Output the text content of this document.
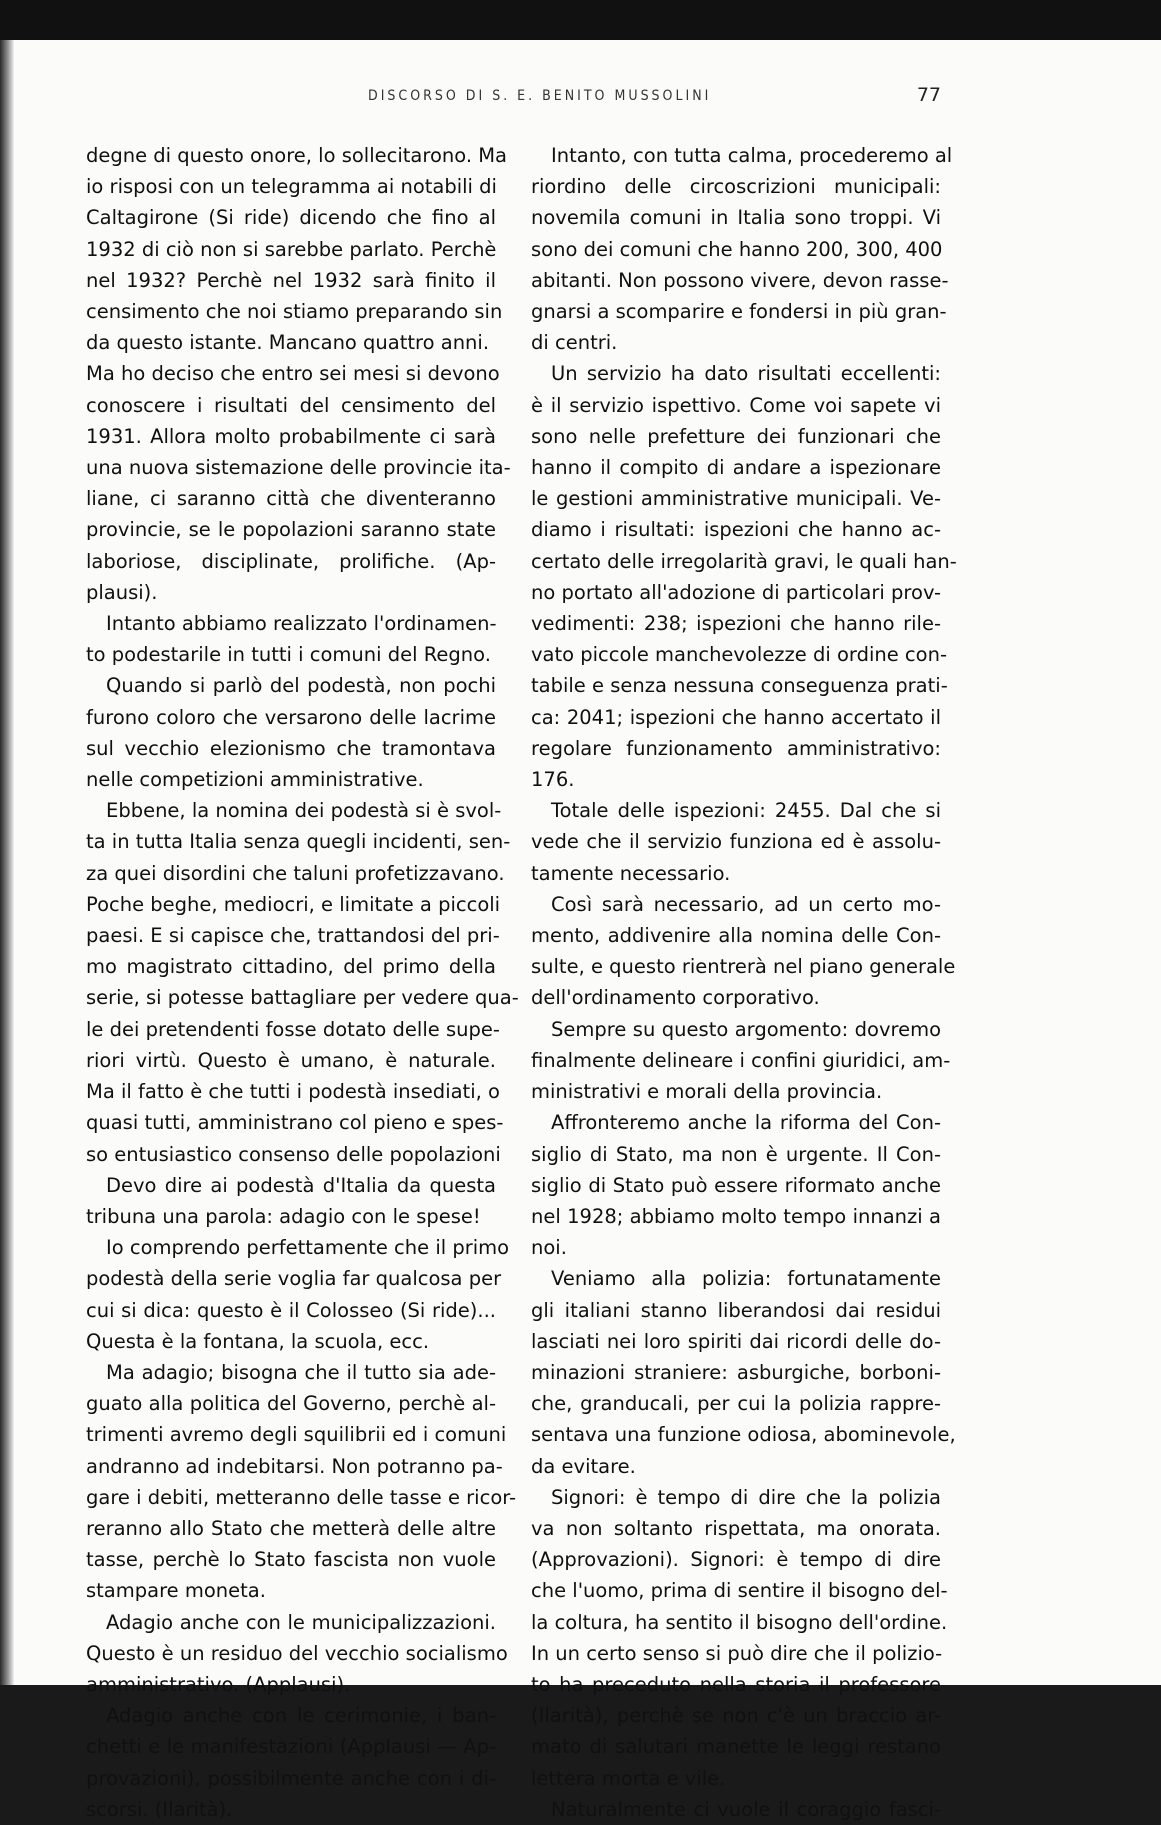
DISCORSO DI S. E. BENITO MUSSOLINI	77
degne di questo onore, lo sollecitarono. Ma
io risposi con un telegramma ai notabili di
Caltagirone (Si ride) dicendo che fino al
1932 di ciò non si sarebbe parlato. Perchè
nel 1932? Perchè nel 1932 sarà finito il
censimento che noi stiamo preparando sin
da questo istante. Mancano quattro anni.
Ma ho deciso che entro sei mesi si devono
conoscere i risultati del censimento del
1931. Allora molto probabilmente ci sarà
una nuova sistemazione delle provincie ita-
liane, ci saranno città che diventeranno
provincie, se le popolazioni saranno state
laboriose, disciplinate, prolifiche. (Ap-
plausi).
Intanto abbiamo realizzato l'ordinamen-
to podestarile in tutti i comuni del Regno.
Quando si parlò del podestà, non pochi
furono coloro che versarono delle lacrime
sul vecchio elezionismo che tramontava
nelle competizioni amministrative.
Ebbene, la nomina dei podestà si è svol-
ta in tutta Italia senza quegli incidenti, sen-
za quei disordini che taluni profetizzavano.
Poche beghe, mediocri, e limitate a piccoli
paesi. E si capisce che, trattandosi del pri-
mo magistrato cittadino, del primo della
serie, si potesse battagliare per vedere qua-
le dei pretendenti fosse dotato delle supe-
riori virtù. Questo è umano, è naturale.
Ma il fatto è che tutti i podestà insediati, o
quasi tutti, amministrano col pieno e spes-
so entusiastico consenso delle popolazioni
Devo dire ai podestà d'Italia da questa
tribuna una parola: adagio con le spese!
Io comprendo perfettamente che il primo
podestà della serie voglia far qualcosa per
cui si dica: questo è il Colosseo (Si ride)...
Questa è la fontana, la scuola, ecc.
Ma adagio; bisogna che il tutto sia ade-
guato alla politica del Governo, perchè al-
trimenti avremo degli squilibrii ed i comuni
andranno ad indebitarsi. Non potranno pa-
gare i debiti, metteranno delle tasse e ricor-
reranno allo Stato che metterà delle altre
tasse, perchè lo Stato fascista non vuole
stampare moneta.
Adagio anche con le municipalizzazioni.
Questo è un residuo del vecchio socialismo
amministrativo. (Applausi).
Adagio anche con le cerimonie, i ban-
chetti e le manifestazioni (Applausi — Ap-
provazioni), possibilmente anche con i di-
scorsi. (Ilarità).
Intanto, con tutta calma, procederemo al
riordino delle circoscrizioni municipali:
novemila comuni in Italia sono troppi. Vi
sono dei comuni che hanno 200, 300, 400
abitanti. Non possono vivere, devon rasse-
gnarsi a scomparire e fondersi in più gran-
di centri.
Un servizio ha dato risultati eccellenti:
è il servizio ispettivo. Come voi sapete vi
sono nelle prefetture dei funzionari che
hanno il compito di andare a ispezionare
le gestioni amministrative municipali. Ve-
diamo i risultati: ispezioni che hanno ac-
certato delle irregolarità gravi, le quali han-
no portato all'adozione di particolari prov-
vedimenti: 238; ispezioni che hanno rile-
vato piccole manchevolezze di ordine con-
tabile e senza nessuna conseguenza prati-
ca: 2041; ispezioni che hanno accertato il
regolare funzionamento amministrativo:
176.
Totale delle ispezioni: 2455. Dal che si
vede che il servizio funziona ed è assolu-
tamente necessario.
Così sarà necessario, ad un certo mo-
mento, addivenire alla nomina delle Con-
sulte, e questo rientrerà nel piano generale
dell'ordinamento corporativo.
Sempre su questo argomento: dovremo
finalmente delineare i confini giuridici, am-
ministrativi e morali della provincia.
Affronteremo anche la riforma del Con-
siglio di Stato, ma non è urgente. Il Con-
siglio di Stato può essere riformato anche
nel 1928; abbiamo molto tempo innanzi a
noi.
Veniamo alla polizia: fortunatamente
gli italiani stanno liberandosi dai residui
lasciati nei loro spiriti dai ricordi delle do-
minazioni straniere: asburgiche, borboni-
che, granducali, per cui la polizia rappre-
sentava una funzione odiosa, abominevole,
da evitare.
Signori: è tempo di dire che la polizia
va non soltanto rispettata, ma onorata.
(Approvazioni). Signori: è tempo di dire
che l'uomo, prima di sentire il bisogno del-
la coltura, ha sentito il bisogno dell'ordine.
In un certo senso si può dire che il polizio-
to ha preceduto nella storia il professore
(Ilarità), perchè se non c'è un braccio ar-
mato di salutari manette le leggi restano
lettera morta e vile.
Naturalmente ci vuole il coraggio fasci-
